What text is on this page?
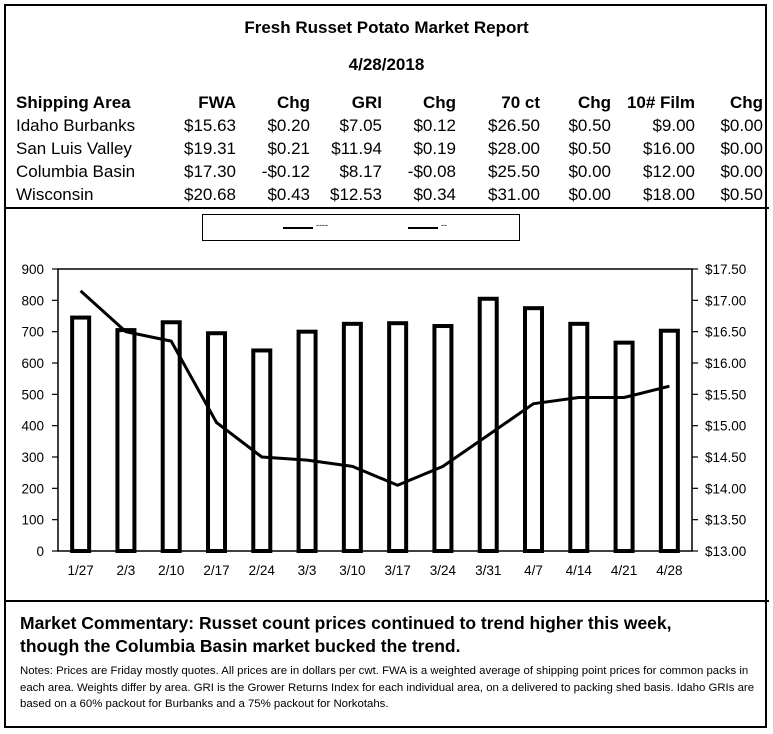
Fresh Russet Potato Market Report
4/28/2018
Shipping Area	FWA	Chg	GRI	Chg	70 ct	Chg	10# Film	Chg
Idaho Burbanks	$15.63	$0.20	$7.05	$0.12	$26.50	$0.50	$9.00	$0.00
San Luis Valley	$19.31	$0.21	$11.94	$0.19	$28.00	$0.50	$16.00	$0.00
Columbia Basin	$17.30	-$0.12	$8.17	-$0.08	$25.50	$0.00	$12.00	$0.00
Wisconsin	$20.68	$0.43	$12.53	$0.34	$31.00	$0.00	$18.00	$0.50
----	--
0
100
200
300
400
500
600
700
800
900
$13.00
$13.50
$14.00
$14.50
$15.00
$15.50
$16.00
$16.50
$17.00
$17.50
1/27 2/3 2/10 2/17 2/24 3/3 3/10 3/17 3/24 3/31 4/7 4/14 4/21 4/28
Market Commentary: Russet count prices continued to trend higher this week,
though the Columbia Basin market bucked the trend.
Notes: Prices are Friday mostly quotes. All prices are in dollars per cwt. FWA is a weighted average of shipping point prices for common packs in each area. Weights differ by area. GRI is the Grower Returns Index for each individual area, on a delivered to packing shed basis. Idaho GRIs are based on a 60% packout for Burbanks and a 75% packout for Norkotahs.
